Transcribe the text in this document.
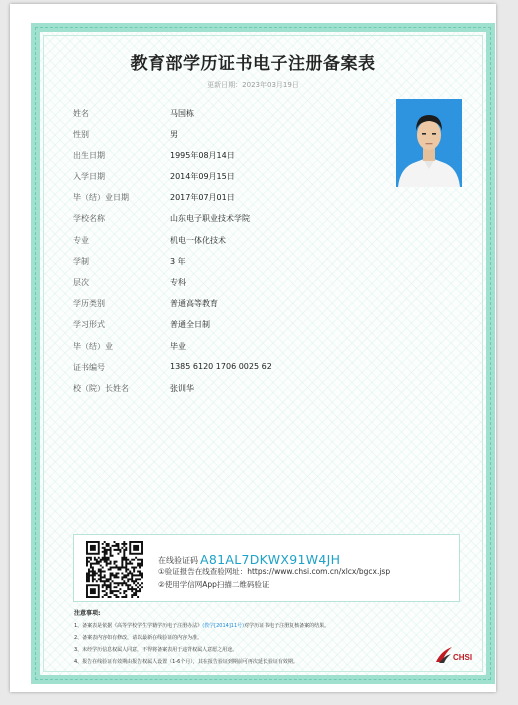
教育部学历证书电子注册备案表
更新日期：2023年03月19日
姓名	马国栋
性别	男
出生日期	1995年08月14日
入学日期	2014年09月15日
毕（结）业日期	2017年07月01日
学校名称	山东电子职业技术学院
专业	机电一体化技术
学制	3 年
层次	专科
学历类别	普通高等教育
学习形式	普通全日制
毕（结）业	毕业
证书编号	1385 6120 1706 0025 62
校（院）长姓名	张训华
在线验证码 A81AL7DKWX91W4JH
①验证报告在线查验网址：https://www.chsi.com.cn/xlcx/bgcx.jsp
②使用学信网App扫描二维码验证
注意事项:
1、备案表是依据《高等学校学生学籍学历电子注册办法》(教学[2014]11号)对学历证书电子注册复核备案的结果。
2、备案表内容如有修改，请以最新在线验证的内容为准。
3、未经学历信息权属人同意，不得将备案表用于违背权属人意愿之用途。
4、报告在线验证有效期由报告权属人设置（1-6个月），其在报告验证到期前可再次延长验证有效期。	CHSI
